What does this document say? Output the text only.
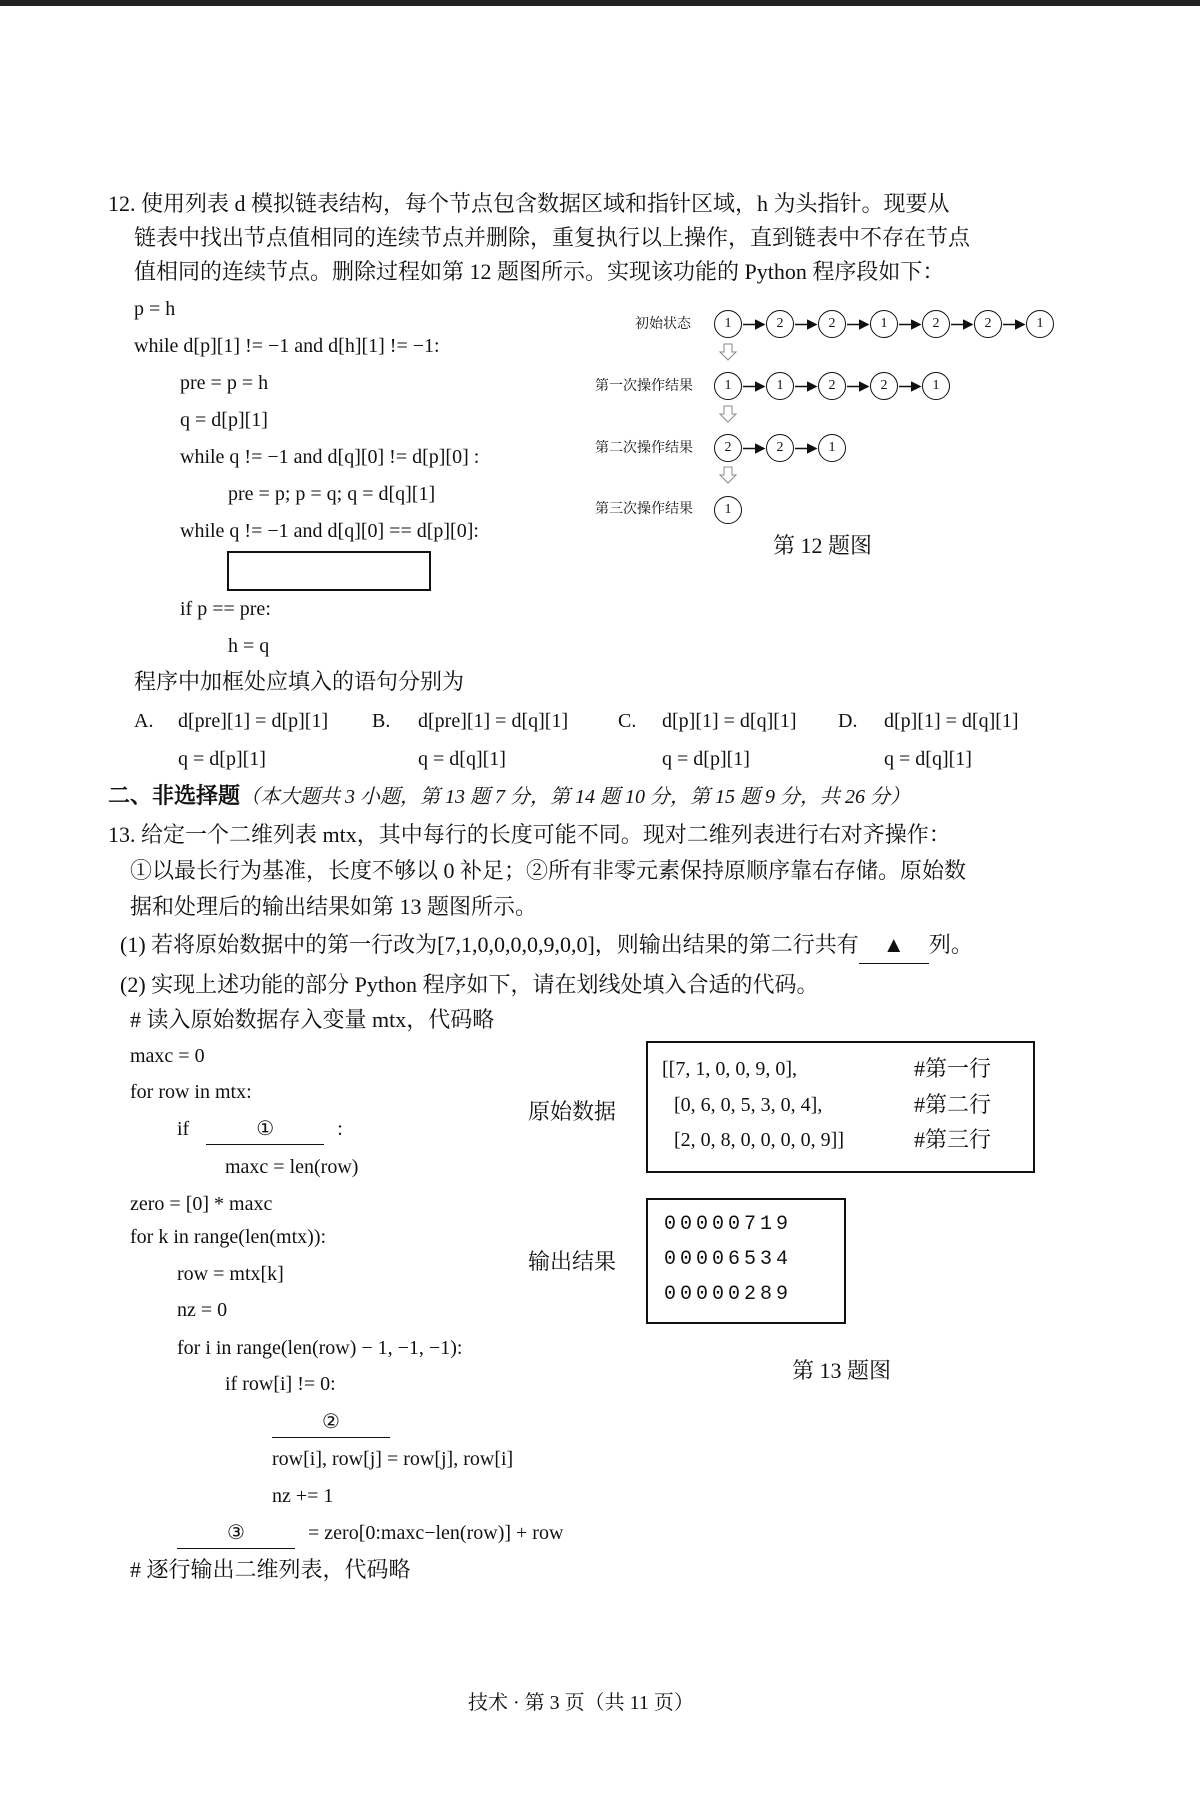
12. 使用列表 d 模拟链表结构，每个节点包含数据区域和指针区域，h 为头指针。现要从
链表中找出节点值相同的连续节点并删除，重复执行以上操作，直到链表中不存在节点
值相同的连续节点。删除过程如第 12 题图所示。实现该功能的 Python 程序段如下：
p = h
while d[p][1] != −1 and d[h][1] != −1:
pre = p = h
q = d[p][1]
while q != −1 and d[q][0] != d[p][0] :
pre = p; p = q; q = d[q][1]
while q != −1 and d[q][0] == d[p][0]:
if p == pre:
h = q
初始状态
第一次操作结果
第二次操作结果
第三次操作结果
1	2	2	1	2	2	1
1	1	2	2	1
2	2	1
1
第 12 题图
程序中加框处应填入的语句分别为
A. d[pre][1] = d[p][1]
q = d[p][1]
B. d[pre][1] = d[q][1]
q = d[q][1]
C. d[p][1] = d[q][1]
q = d[p][1]
D. d[p][1] = d[q][1]
q = d[q][1]
二、非选择题（本大题共 3 小题，第 13 题 7 分，第 14 题 10 分，第 15 题 9 分，共 26 分）
13. 给定一个二维列表 mtx，其中每行的长度可能不同。现对二维列表进行右对齐操作：
①以最长行为基准，长度不够以 0 补足；②所有非零元素保持原顺序靠右存储。原始数
据和处理后的输出结果如第 13 题图所示。
(1) 若将原始数据中的第一行改为[7,1,0,0,0,0,9,0,0]，则输出结果的第二行共有 ▲ 列。
(2) 实现上述功能的部分 Python 程序如下，请在划线处填入合适的代码。
# 读入原始数据存入变量 mtx，代码略
maxc = 0
for row in mtx:
if	①	:
maxc = len(row)
zero = [0] * maxc
for k in range(len(mtx)):
row = mtx[k]
nz = 0
for i in range(len(row) − 1, −1, −1):
if row[i] != 0:
②
row[i], row[j] = row[j], row[i]
nz += 1
③	= zero[0:maxc−len(row)] + row
# 逐行输出二维列表，代码略
原始数据
[[7, 1, 0, 0, 9, 0],
[0, 6, 0, 5, 3, 0, 4],
[2, 0, 8, 0, 0, 0, 0, 9]]
#第一行
#第二行
#第三行
输出结果
00000719
00006534
00000289
第 13 题图
技术 · 第 3 页（共 11 页）
